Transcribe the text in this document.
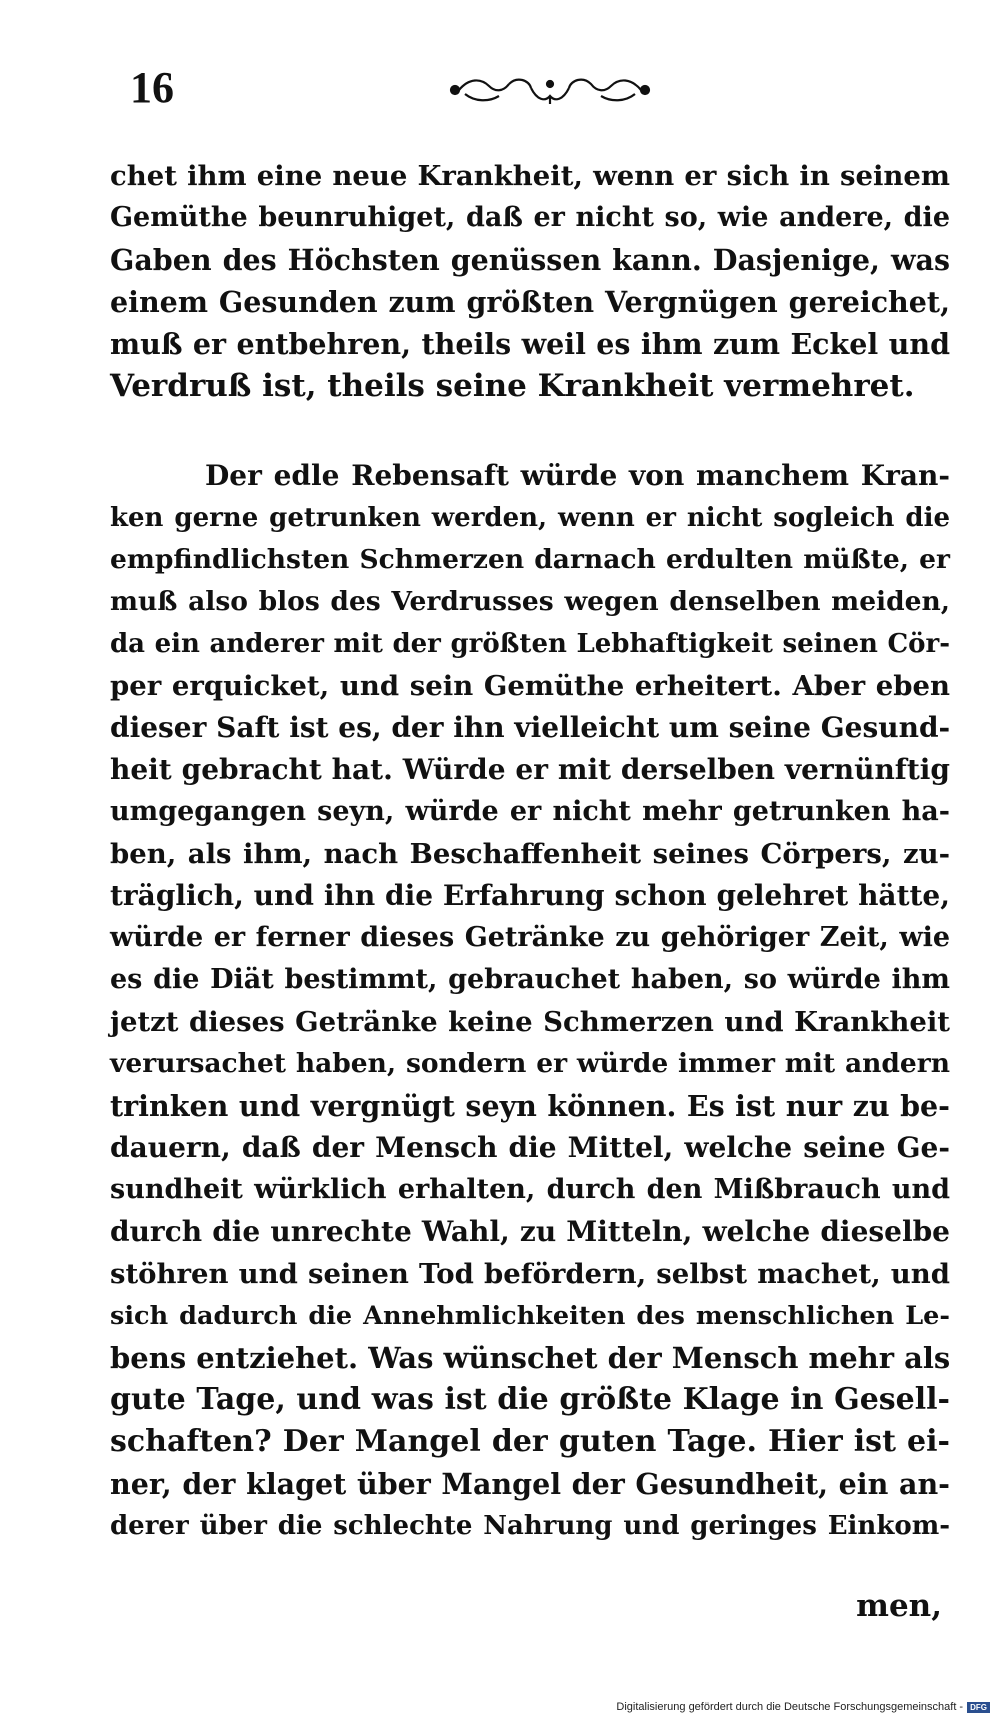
16
chet ihm eine neue Krankheit, wenn er sich in seinem
Gemüthe beunruhiget, daß er nicht so, wie andere, die
Gaben des Höchsten genüssen kann. Dasjenige, was
einem Gesunden zum größten Vergnügen gereichet,
muß er entbehren, theils weil es ihm zum Eckel und
Verdruß ist, theils seine Krankheit vermehret.
Der edle Rebensaft würde von manchem Kran-
ken gerne getrunken werden, wenn er nicht sogleich die
empfindlichsten Schmerzen darnach erdulten müßte, er
muß also blos des Verdrusses wegen denselben meiden,
da ein anderer mit der größten Lebhaftigkeit seinen Cör-
per erquicket, und sein Gemüthe erheitert. Aber eben
dieser Saft ist es, der ihn vielleicht um seine Gesund-
heit gebracht hat. Würde er mit derselben vernünftig
umgegangen seyn, würde er nicht mehr getrunken ha-
ben, als ihm, nach Beschaffenheit seines Cörpers, zu-
träglich, und ihn die Erfahrung schon gelehret hätte,
würde er ferner dieses Getränke zu gehöriger Zeit, wie
es die Diät bestimmt, gebrauchet haben, so würde ihm
jetzt dieses Getränke keine Schmerzen und Krankheit
verursachet haben, sondern er würde immer mit andern
trinken und vergnügt seyn können. Es ist nur zu be-
dauern, daß der Mensch die Mittel, welche seine Ge-
sundheit würklich erhalten, durch den Mißbrauch und
durch die unrechte Wahl, zu Mitteln, welche dieselbe
stöhren und seinen Tod befördern, selbst machet, und
sich dadurch die Annehmlichkeiten des menschlichen Le-
bens entziehet. Was wünschet der Mensch mehr als
gute Tage, und was ist die größte Klage in Gesell-
schaften? Der Mangel der guten Tage. Hier ist ei-
ner, der klaget über Mangel der Gesundheit, ein an-
derer über die schlechte Nahrung und geringes Einkom-
men,
Digitalisierung gefördert durch die Deutsche Forschungsgemeinschaft - DFG
